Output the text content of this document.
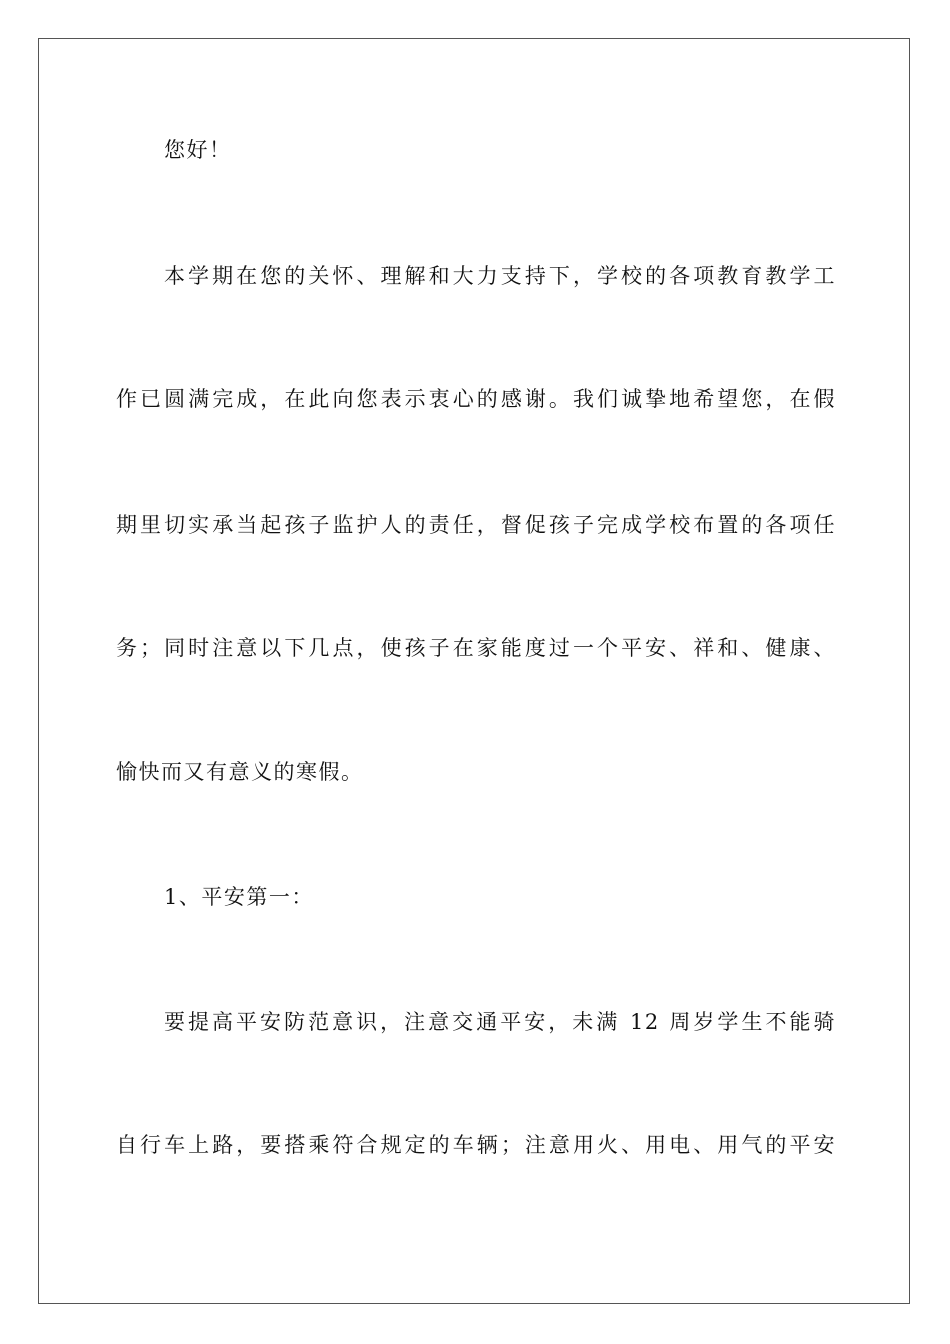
您好！
本学期在您的关怀、理解和大力支持下，学校的各项教育教学工
作已圆满完成，在此向您表示衷心的感谢。我们诚挚地希望您，在假
期里切实承当起孩子监护人的责任，督促孩子完成学校布置的各项任
务；同时注意以下几点，使孩子在家能度过一个平安、祥和、健康、
愉快而又有意义的寒假。
1、平安第一：
要提高平安防范意识，注意交通平安，未满 12 周岁学生不能骑
自行车上路，要搭乘符合规定的车辆；注意用火、用电、用气的平安
